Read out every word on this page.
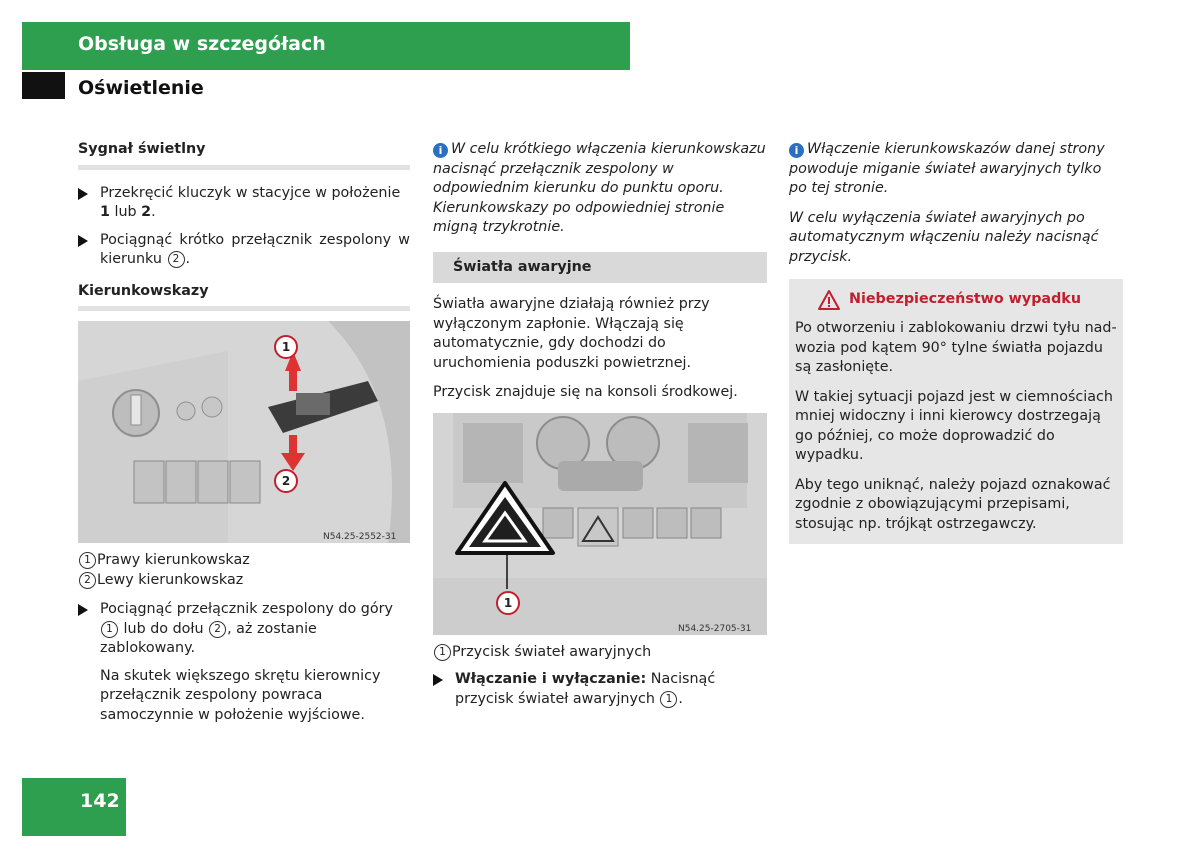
Obsługa w szczegółach
Oświetlenie
Sygnał świetlny
Przekręcić kluczyk w stacyjce w położenie 1 lub 2.
Pociągnąć krótko przełącznik zespolony w kierunku 2 .
Kierunkowskazy
1
2
N54.25-2552-31
1 Prawy kierunkowskaz
2 Lewy kierunkowskaz
Pociągnąć przełącznik zespolony do góry 1 lub do dołu 2 , aż zostanie zablokowany.

Na skutek większego skrętu kierownicy przełącznik zespolony powraca samoczynnie w położenie wyjściowe.

i W celu krótkiego włączenia kierunkowskazu nacisnąć przełącznik zespolony w odpowiednim kierunku do punktu oporu. Kierunkowskazy po odpowiedniej stronie migną trzykrotnie.

Światła awaryjne

Światła awaryjne działają również przy wyłączonym zapłonie. Włączają się automatycznie, gdy dochodzi do uruchomienia poduszki powietrznej.

Przycisk znajduje się na konsoli środkowej.

1
N54.25-2705-31
1 Przycisk świateł awaryjnych
Włączanie i wyłączanie: Nacisnąć przycisk świateł awaryjnych 1 .

i Włączenie kierunkowskazów danej strony powoduje miganie świateł awaryjnych tylko po tej stronie.

W celu wyłączenia świateł awaryjnych po automatycznym włączeniu należy nacisnąć przycisk.

Niebezpieczeństwo wypadku

Po otworzeniu i zablokowaniu drzwi tyłu nadwozia pod kątem 90° tylne światła pojazdu są zasłonięte.

W takiej sytuacji pojazd jest w ciemnościach mniej widoczny i inni kierowcy dostrzegają go później, co może doprowadzić do wypadku.

Aby tego uniknąć, należy pojazd oznakować zgodnie z obowiązującymi przepisami, stosując np. trójkąt ostrzegawczy.

142
